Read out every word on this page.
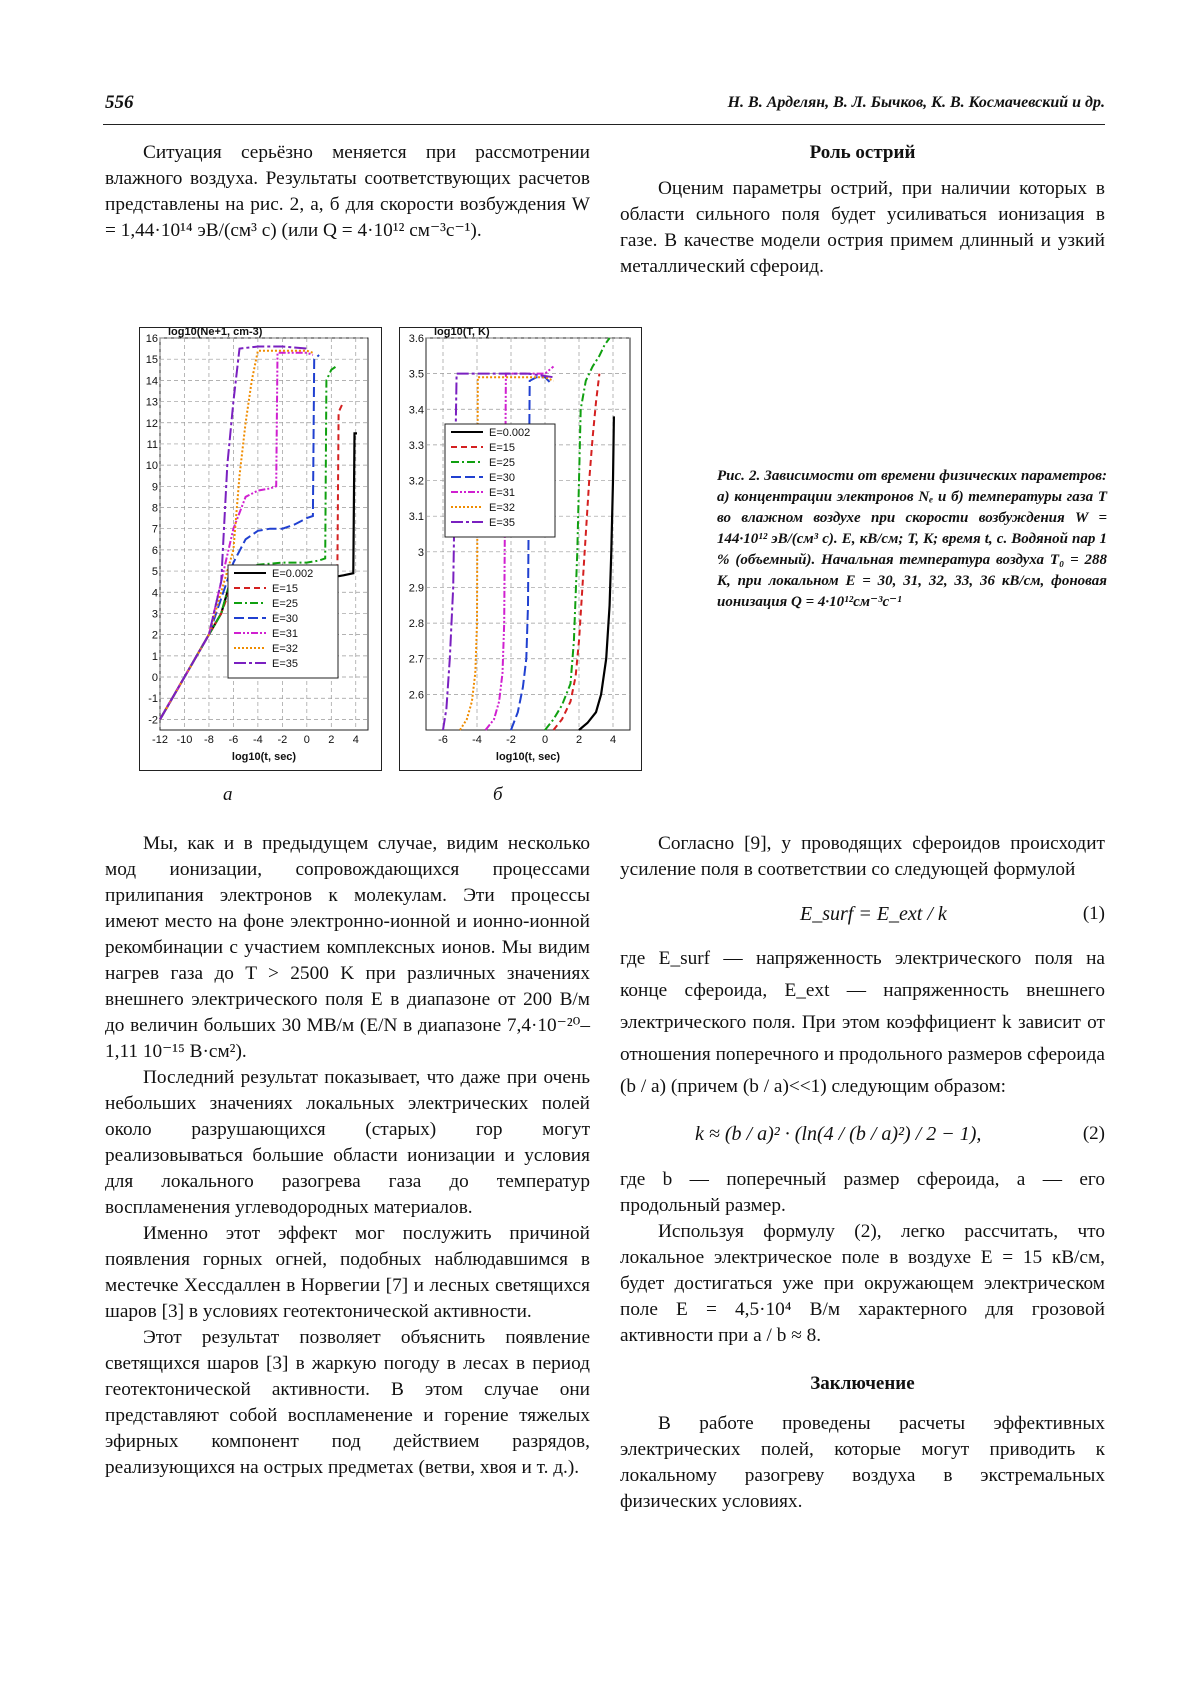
556	Н. В. Арделян, В. Л. Бычков, К. В. Космачевский и др.

Ситуация серьёзно меняется при рассмотрении влажного воздуха. Результаты соответствующих расчетов представлены на рис. 2, а, б для скорости возбуждения W = 1,44·10¹⁴ эВ/(см³ с) (или Q = 4·10¹² см⁻³с⁻¹).

Роль острий

Оценим параметры острий, при наличии которых в области сильного поля будет усиливаться ионизация в газе. В качестве модели острия примем длинный и узкий металлический сфероид.

-12 -10 -8 -6 -4 -2 0 2 4
-2
-1
0
1
2
3
4
5
6
7
8
9
10
11
12
13
14
15
16
log10(Ne+1, cm-3)
log10(t, sec)
E=0.002
E=15
E=25
E=30
E=31
E=32
E=35
-6 -4 -2 0	2	4
2.6
2.7
2.8
2.9
3
3.1
3.2
3.3
3.4
3.5
3.6
log10(T, K)
log10(t, sec)
E=0.002
E=15
E=25
E=30
E=31
E=32
E=35
а	б
Рис. 2. Зависимости от времени физических параметров: а) концентрации электронов Nₑ и б) температуры газа T во влажном воздухе при скорости возбуждения W = 144·10¹² эВ/(см³ с). E, кВ/см; T, K; время t, c. Водяной пар 1 % (объемный). Начальная температура воздуха T₀ = 288 K, при локальном E = 30, 31, 32, 33, 36 кВ/см, фоновая ионизация Q = 4·10¹²см⁻³с⁻¹

Мы, как и в предыдущем случае, видим несколько мод ионизации, сопровождающихся процессами прилипания электронов к молекулам. Эти процессы имеют место на фоне электронно-ионной и ионно-ионной рекомбинации с участием комплексных ионов. Мы видим нагрев газа до T > 2500 K при различных значениях внешнего электрического поля E в диапазоне от 200 В/м до величин больших 30 МВ/м (E/N в диапазоне 7,4·10⁻²⁰–1,11 10⁻¹⁵ В·см²).

Последний результат показывает, что даже при очень небольших значениях локальных электрических полей около разрушающихся (старых) гор могут реализовываться большие области ионизации и условия для локального разогрева газа до температур воспламенения углеводородных материалов.

Именно этот эффект мог послужить причиной появления горных огней, подобных наблюдавшимся в местечке Хессдаллен в Норвегии [7] и лесных светящихся шаров [3] в условиях геотектонической активности.

Этот результат позволяет объяснить появление светящихся шаров [3] в жаркую погоду в лесах в период геотектонической активности. В этом случае они представляют собой воспламенение и горение тяжелых эфирных компонент под действием разрядов, реализующихся на острых предметах (ветви, хвоя и т. д.).

Согласно [9], у проводящих сфероидов происходит усиление поля в соответствии со следующей формулой

E_surf = E_ext / k	(1)

где E_surf — напряженность электрического поля на конце сфероида, E_ext — напряженность внешнего электрического поля. При этом коэффициент k зависит от отношения поперечного и продольного размеров сфероида (b / a) (причем (b / a)<<1) следующим образом:

k ≈ (b / a)² · (ln(4 / (b / a)²) / 2 − 1),	(2)

где b — поперечный размер сфероида, a — его продольный размер.

Используя формулу (2), легко рассчитать, что локальное электрическое поле в воздухе E = 15 кВ/см, будет достигаться уже при окружающем электрическом поле E = 4,5·10⁴ В/м характерного для грозовой активности при a / b ≈ 8.

Заключение

В работе проведены расчеты эффективных электрических полей, которые могут приводить к локальному разогреву воздуха в экстремальных физических условиях.
